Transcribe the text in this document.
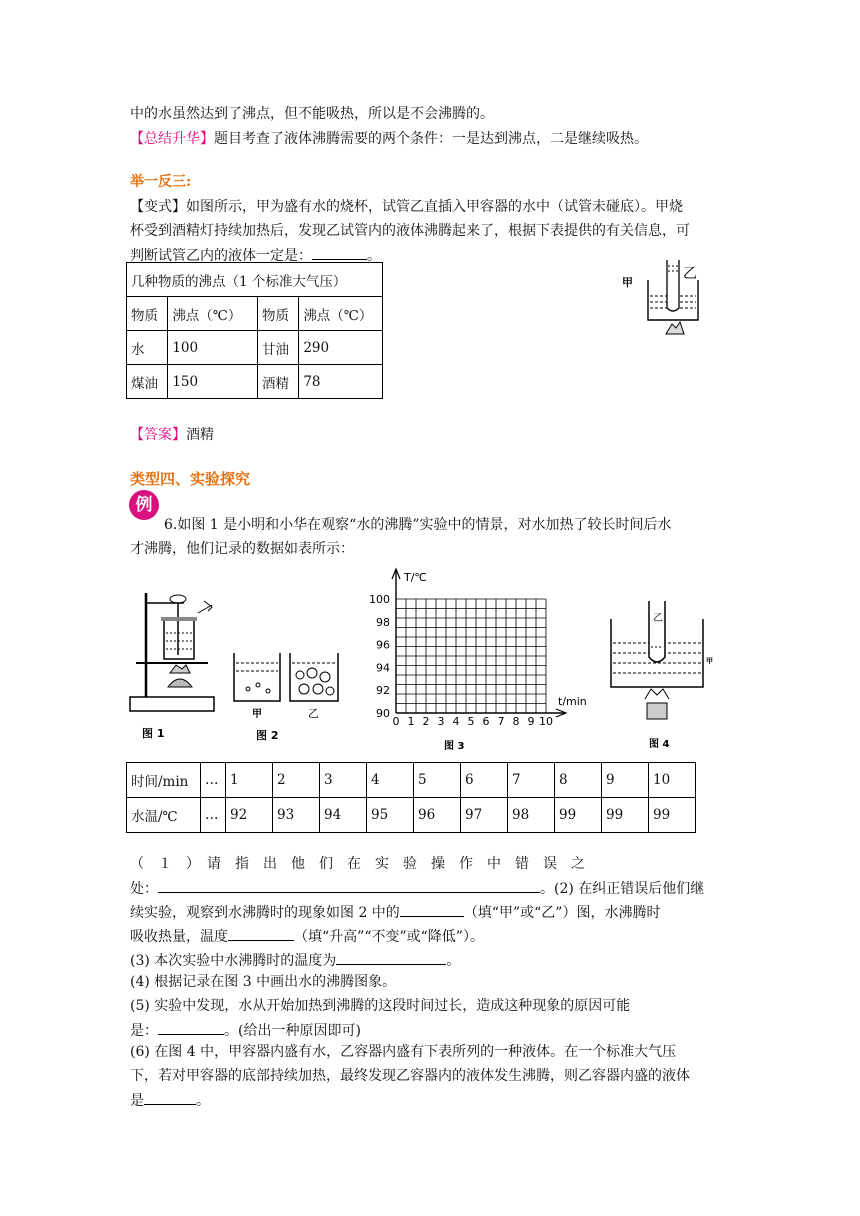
中的水虽然达到了沸点，但不能吸热，所以是不会沸腾的。
【总结升华】题目考查了液体沸腾需要的两个条件：一是达到沸点，二是继续吸热。
举一反三:
【变式】如图所示，甲为盛有水的烧杯，试管乙直插入甲容器的水中（试管未碰底）。甲烧
杯受到酒精灯持续加热后，发现乙试管内的液体沸腾起来了，根据下表提供的有关信息，可
判断试管乙内的液体一定是：	。
几种物质的沸点（1 个标准大气压）			
物质	沸点（℃）	物质	沸点（℃）
水	100	甘油	290
煤油	150	酒精	78
甲
乙
【答案】酒精
类型四、实验探究
例
6.如图 1 是小明和小华在观察“水的沸腾”实验中的情景，对水加热了较长时间后水
才沸腾，他们记录的数据如表所示：
图 1
甲	乙
图 2
T/℃
t/min
100
98
96
94
92
90
0 1 2 3 4 5 6 7 8 9 10
图 3
乙
甲
图 4
时间/min	…	1	2	3	4	5	6	7	8	9	10
水温/℃	…	92	93	94	95	96	97	98	99	99	99
（　１　）　请　指　出　他　们　在　实　验　操　作　中　错　误　之
处：	。(2) 在纠正错误后他们继
续实验，观察到水沸腾时的现象如图 2 中的	（填“甲”或“乙”）图，水沸腾时
吸收热量，温度	（填“升高”“不变”或“降低”）。
(3) 本次实验中水沸腾时的温度为	。
(4) 根据记录在图 3 中画出水的沸腾图象。
(5) 实验中发现，水从开始加热到沸腾的这段时间过长，造成这种现象的原因可能
是：	。(给出一种原因即可)
(6) 在图 4 中，甲容器内盛有水，乙容器内盛有下表所列的一种液体。在一个标准大气压
下，若对甲容器的底部持续加热，最终发现乙容器内的液体发生沸腾，则乙容器内盛的液体
是	。
